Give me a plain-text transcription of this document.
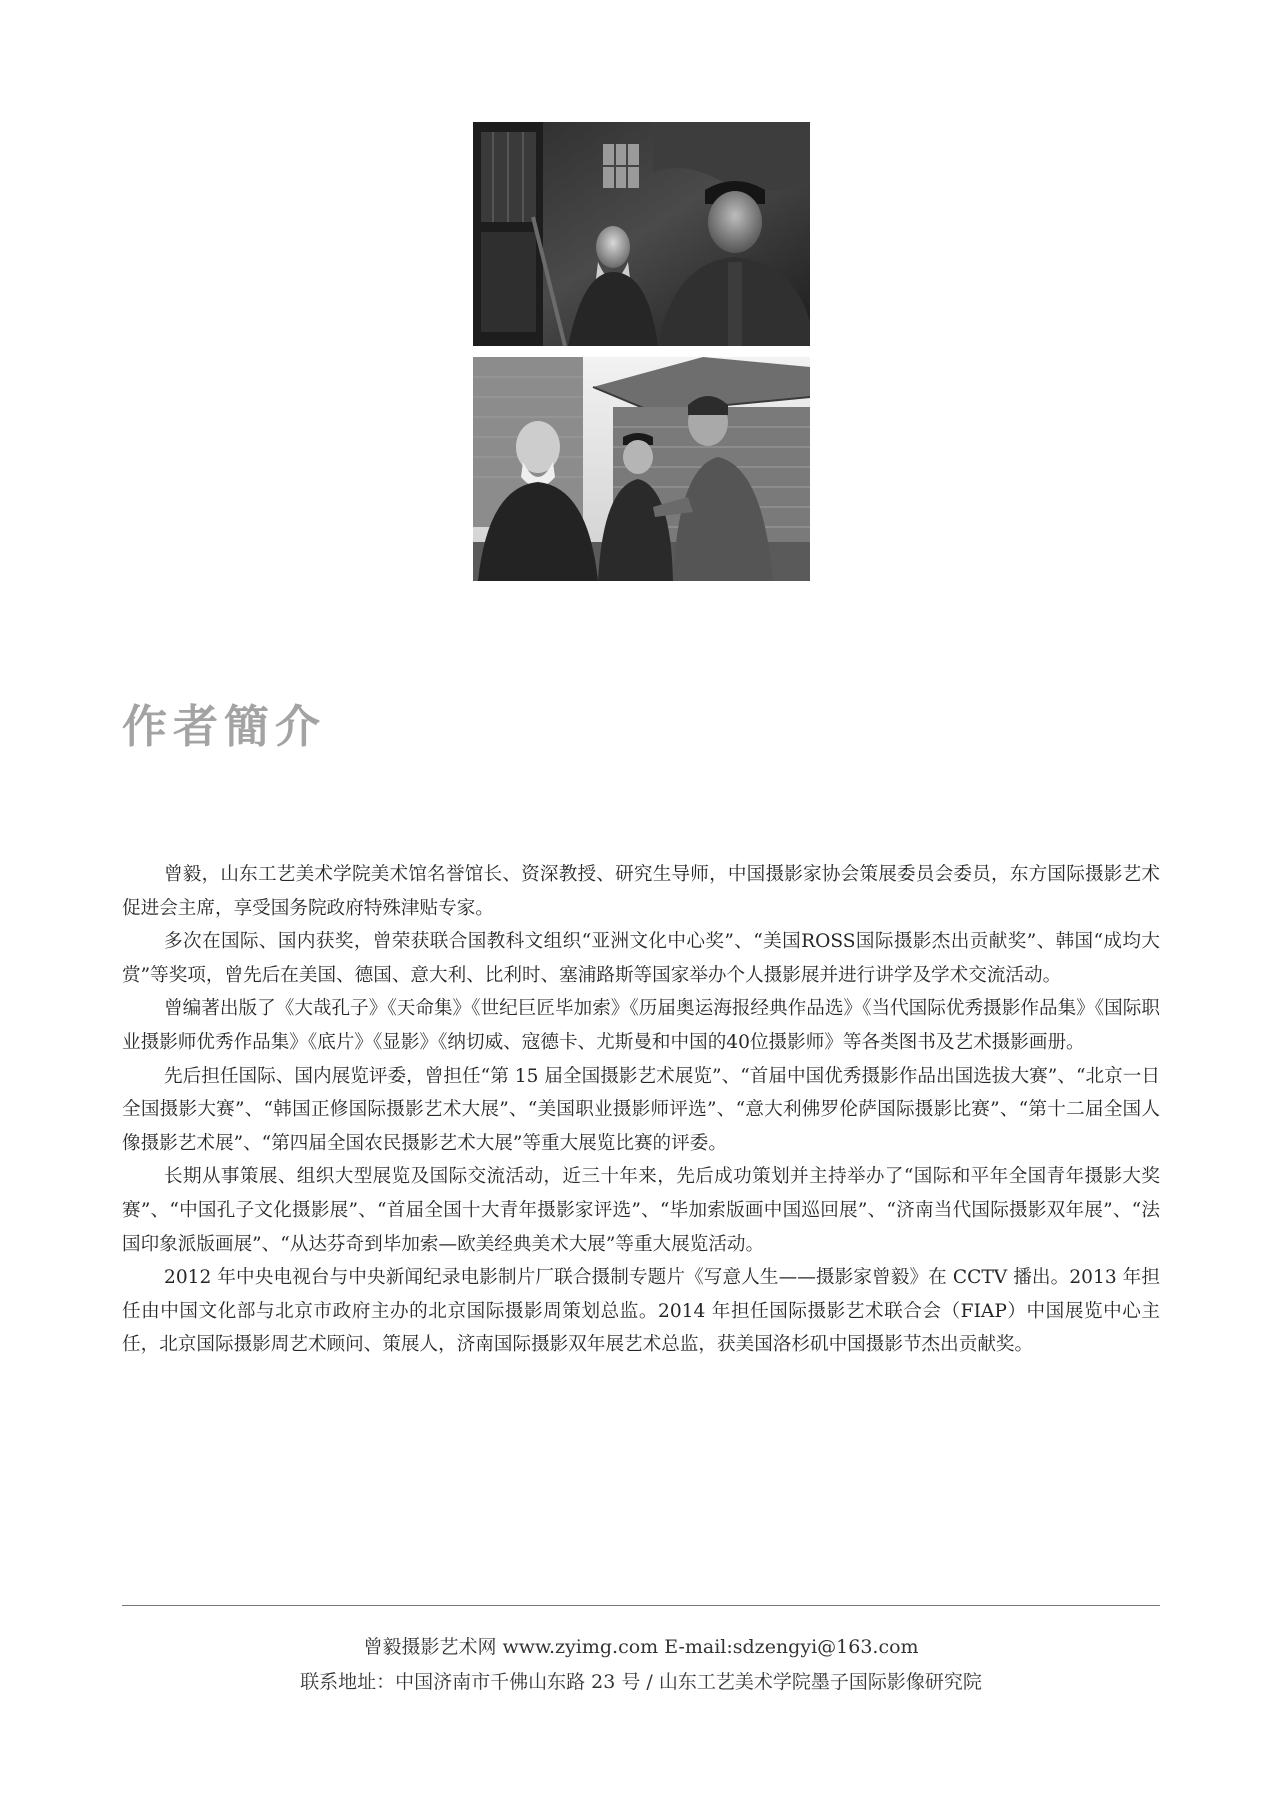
作者簡介

曾毅，山东工艺美术学院美术馆名誉馆长、资深教授、研究生导师，中国摄影家协会策展委员会委员，东方国际摄影艺术促进会主席，享受国务院政府特殊津贴专家。

多次在国际、国内获奖，曾荣获联合国教科文组织“亚洲文化中心奖”、“美国ROSS国际摄影杰出贡献奖”、韩国“成均大赏”等奖项，曾先后在美国、德国、意大利、比利时、塞浦路斯等国家举办个人摄影展并进行讲学及学术交流活动。

曾编著出版了《大哉孔子》《天命集》《世纪巨匠毕加索》《历届奥运海报经典作品选》《当代国际优秀摄影作品集》《国际职业摄影师优秀作品集》《底片》《显影》《纳切威、寇德卡、尤斯曼和中国的40位摄影师》等各类图书及艺术摄影画册。

先后担任国际、国内展览评委，曾担任“第 15 届全国摄影艺术展览”、“首届中国优秀摄影作品出国选拔大赛”、“北京一日全国摄影大赛”、“韩国正修国际摄影艺术大展”、“美国职业摄影师评选”、“意大利佛罗伦萨国际摄影比赛”、“第十二届全国人像摄影艺术展”、“第四届全国农民摄影艺术大展”等重大展览比赛的评委。

长期从事策展、组织大型展览及国际交流活动，近三十年来，先后成功策划并主持举办了“国际和平年全国青年摄影大奖赛”、“中国孔子文化摄影展”、“首届全国十大青年摄影家评选”、“毕加索版画中国巡回展”、“济南当代国际摄影双年展”、“法国印象派版画展”、“从达芬奇到毕加索—欧美经典美术大展”等重大展览活动。

2012 年中央电视台与中央新闻纪录电影制片厂联合摄制专题片《写意人生——摄影家曾毅》在 CCTV 播出。2013 年担任由中国文化部与北京市政府主办的北京国际摄影周策划总监。2014 年担任国际摄影艺术联合会（FIAP）中国展览中心主任，北京国际摄影周艺术顾问、策展人，济南国际摄影双年展艺术总监，获美国洛杉矶中国摄影节杰出贡献奖。

曾毅摄影艺术网 www.zyimg.com E-mail:sdzengyi@163.com
联系地址：中国济南市千佛山东路 23 号 / 山东工艺美术学院墨子国际影像研究院
